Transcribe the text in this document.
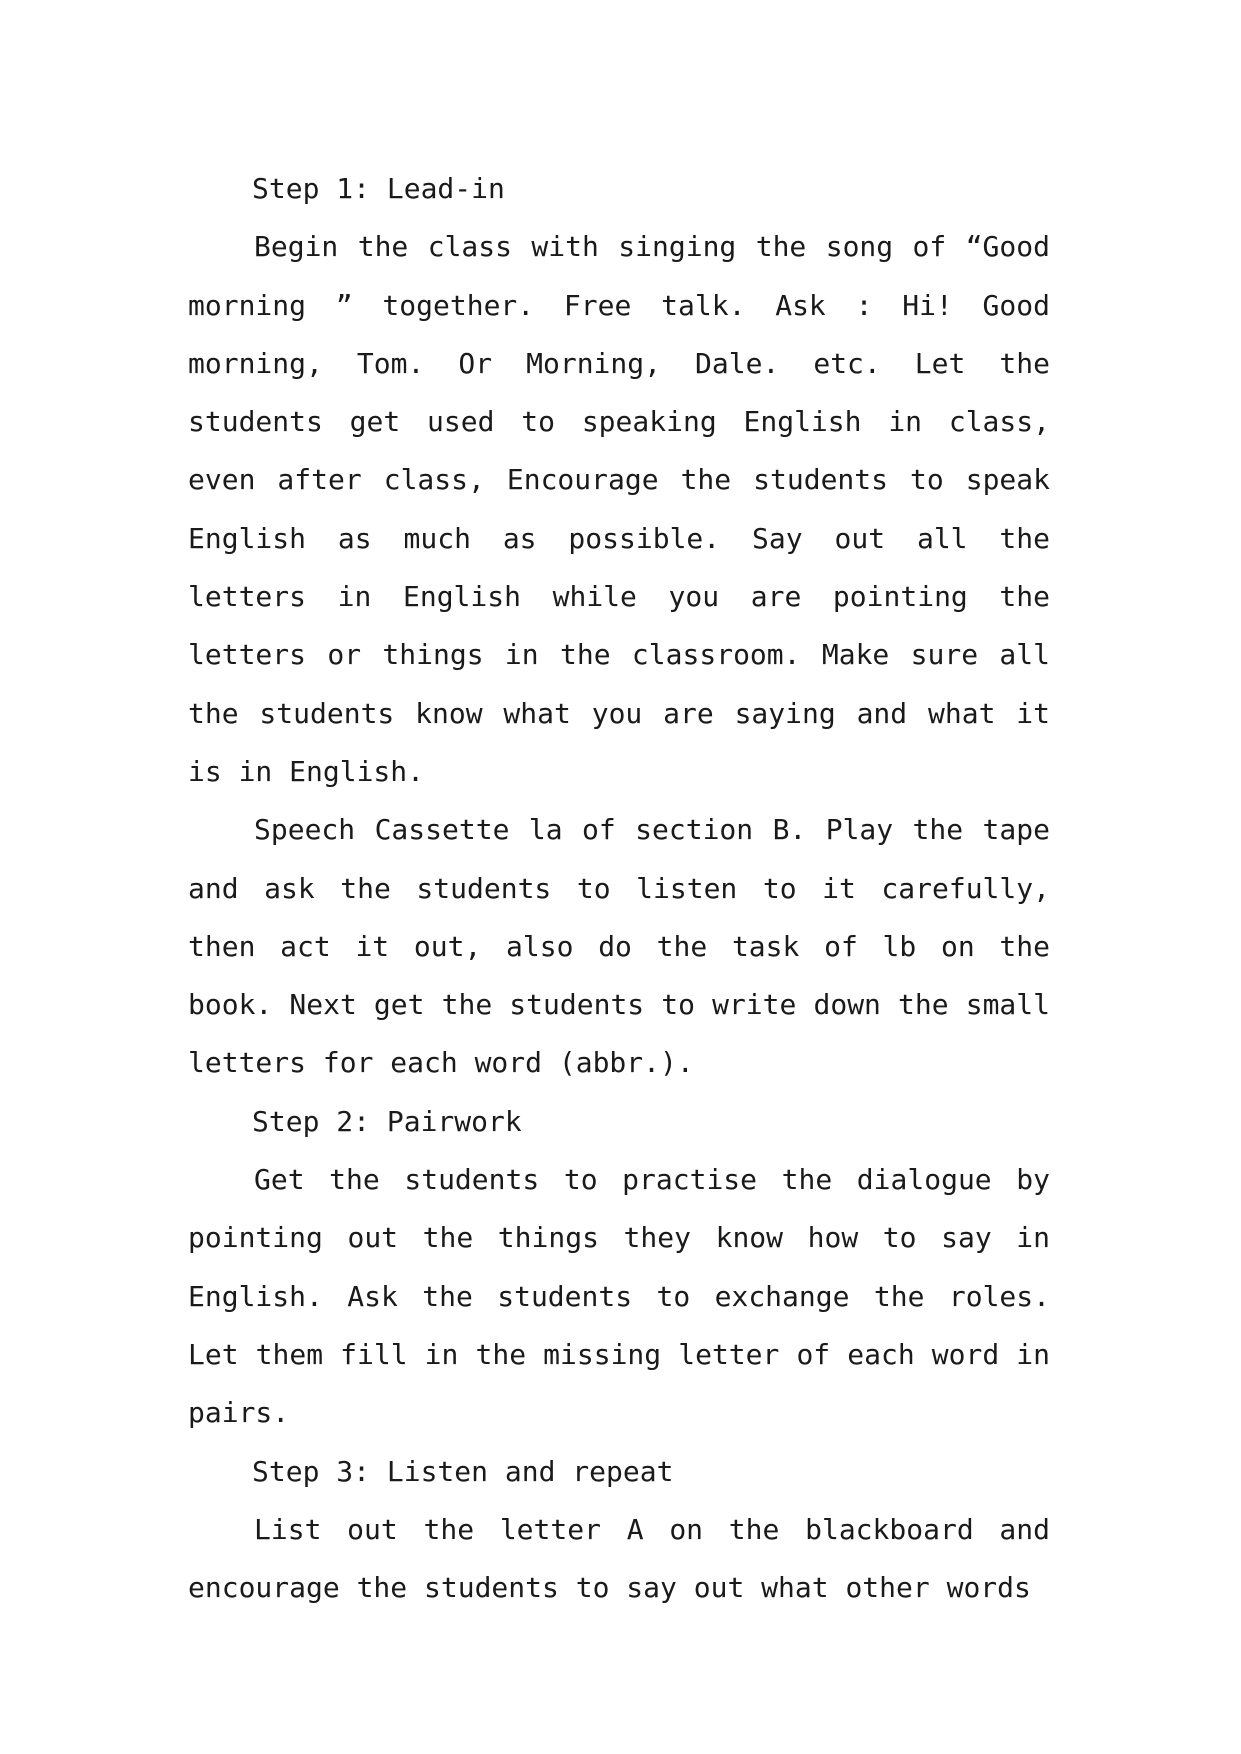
Step 1: Lead-in

Begin the class with singing the song of “Good morning ” together. Free talk. Ask : Hi! Good morning, Tom. Or Morning, Dale. etc. Let the students get used to speaking English in class, even after class, Encourage the students to speak English as much as possible. Say out all the letters in English while you are pointing the letters or things in the classroom. Make sure all the students know what you are saying and what it is in English.

Speech Cassette la of section B. Play the tape and ask the students to listen to it carefully, then act it out, also do the task of lb on the book. Next get the students to write down the small letters for each word (abbr.).

Step 2: Pairwork

Get the students to practise the dialogue by pointing out the things they know how to say in English. Ask the students to exchange the roles. Let them fill in the missing letter of each word in pairs.

Step 3: Listen and repeat

List out the letter A on the blackboard and encourage the students to say out what other words
